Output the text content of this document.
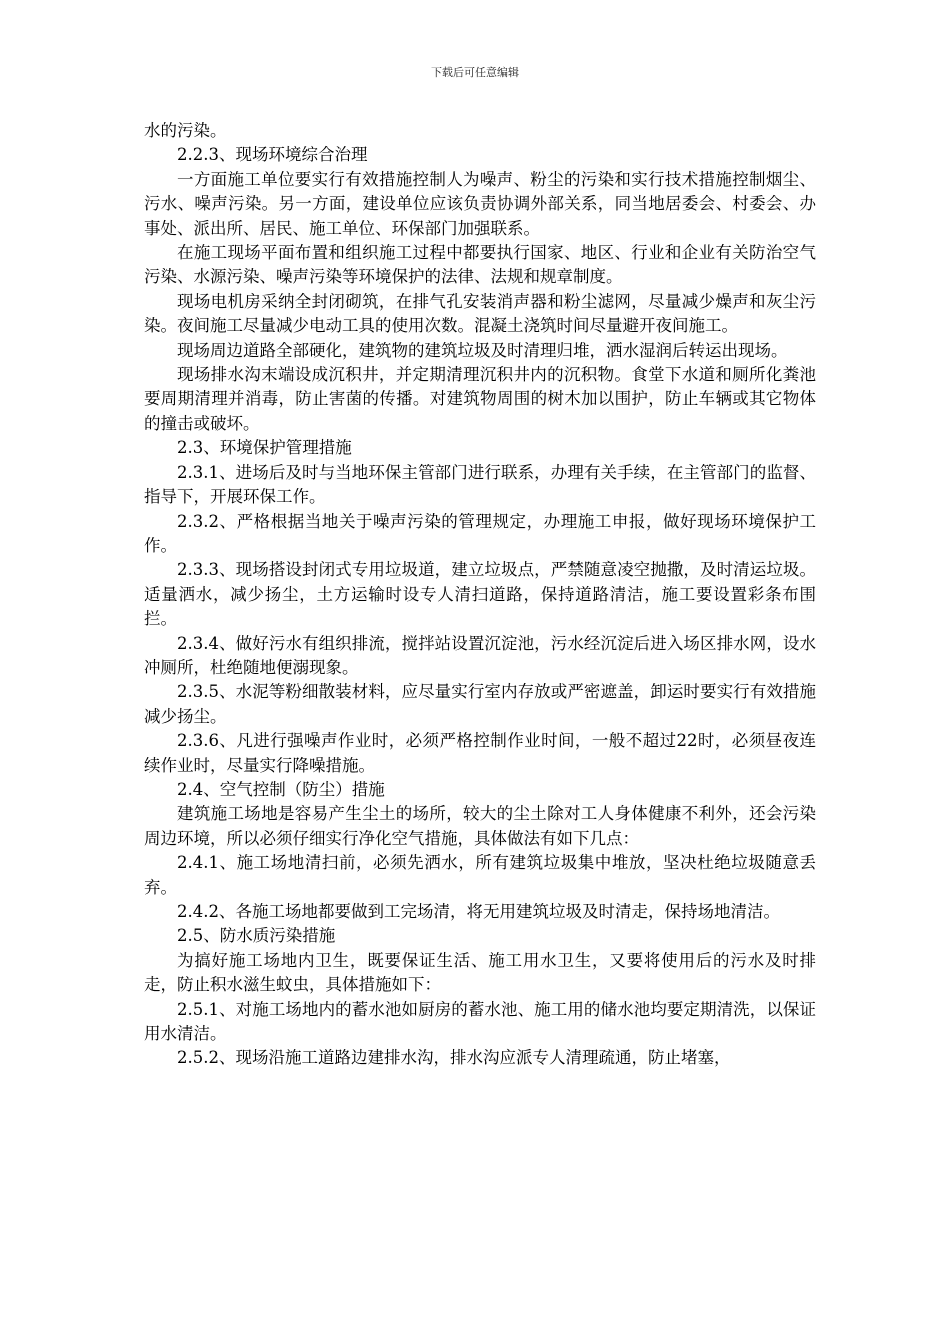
下载后可任意编辑

水的污染。

2.2.3、现场环境综合治理

一方面施工单位要实行有效措施控制人为噪声、粉尘的污染和实行技术措施控制烟尘、污水、噪声污染。另一方面，建设单位应该负责协调外部关系，同当地居委会、村委会、办事处、派出所、居民、施工单位、环保部门加强联系。

在施工现场平面布置和组织施工过程中都要执行国家、地区、行业和企业有关防治空气污染、水源污染、噪声污染等环境保护的法律、法规和规章制度。

现场电机房采纳全封闭砌筑，在排气孔安装消声器和粉尘滤网，尽量减少燥声和灰尘污染。夜间施工尽量减少电动工具的使用次数。混凝土浇筑时间尽量避开夜间施工。

现场周边道路全部硬化，建筑物的建筑垃圾及时清理归堆，洒水湿润后转运出现场。

现场排水沟末端设成沉积井，并定期清理沉积井内的沉积物。食堂下水道和厕所化粪池要周期清理并消毒，防止害菌的传播。对建筑物周围的树木加以围护，防止车辆或其它物体的撞击或破坏。

2.3、环境保护管理措施

2.3.1、进场后及时与当地环保主管部门进行联系，办理有关手续，在主管部门的监督、指导下，开展环保工作。

2.3.2、严格根据当地关于噪声污染的管理规定，办理施工申报，做好现场环境保护工作。

2.3.3、现场搭设封闭式专用垃圾道，建立垃圾点，严禁随意凌空抛撒，及时清运垃圾。适量洒水，减少扬尘，土方运输时设专人清扫道路，保持道路清洁，施工要设置彩条布围拦。

2.3.4、做好污水有组织排流，搅拌站设置沉淀池，污水经沉淀后进入场区排水网，设水冲厕所，杜绝随地便溺现象。

2.3.5、水泥等粉细散装材料，应尽量实行室内存放或严密遮盖，卸运时要实行有效措施减少扬尘。

2.3.6、凡进行强噪声作业时，必须严格控制作业时间，一般不超过22时，必须昼夜连续作业时，尽量实行降噪措施。

2.4、空气控制（防尘）措施

建筑施工场地是容易产生尘土的场所，较大的尘土除对工人身体健康不利外，还会污染周边环境，所以必须仔细实行净化空气措施，具体做法有如下几点：

2.4.1、施工场地清扫前，必须先洒水，所有建筑垃圾集中堆放，坚决杜绝垃圾随意丢弃。

2.4.2、各施工场地都要做到工完场清，将无用建筑垃圾及时清走，保持场地清洁。

2.5、防水质污染措施

为搞好施工场地内卫生，既要保证生活、施工用水卫生，又要将使用后的污水及时排走，防止积水滋生蚊虫，具体措施如下：

2.5.1、对施工场地内的蓄水池如厨房的蓄水池、施工用的储水池均要定期清洗，以保证用水清洁。

2.5.2、现场沿施工道路边建排水沟，排水沟应派专人清理疏通，防止堵塞，
